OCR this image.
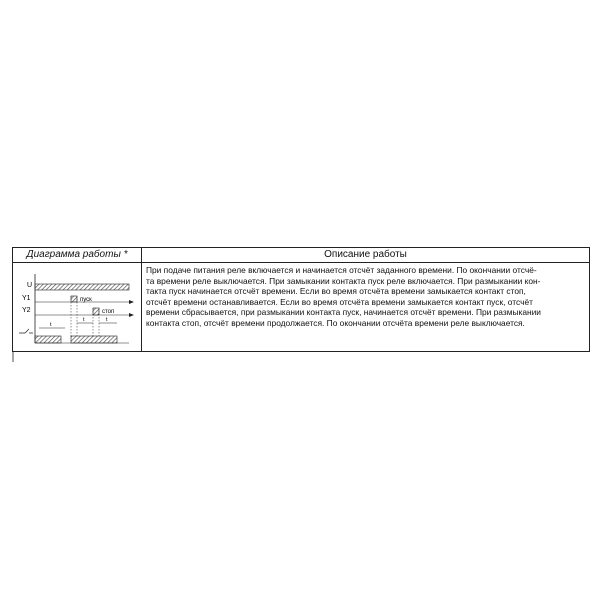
Диаграмма работы *	Описание работы
U
Y1	пуск
Y2	стоп
t
t	t

При подаче питания реле включается и начинается отсчёт заданного времени. По окончании отсчё-
та времени реле выключается. При замыкании контакта пуск реле включается. При размыкании кон-
такта пуск начинается отсчёт времени. Если во время отсчёта времени замыкается контакт стоп,
отсчёт времени останавливается. Если во время отсчёта времени замыкается контакт пуск, отсчёт
времени сбрасывается, при размыкании контакта пуск, начинается отсчёт времени. При размыкании
контакта стоп, отсчёт времени продолжается. По окончании отсчёта времени реле выключается.
